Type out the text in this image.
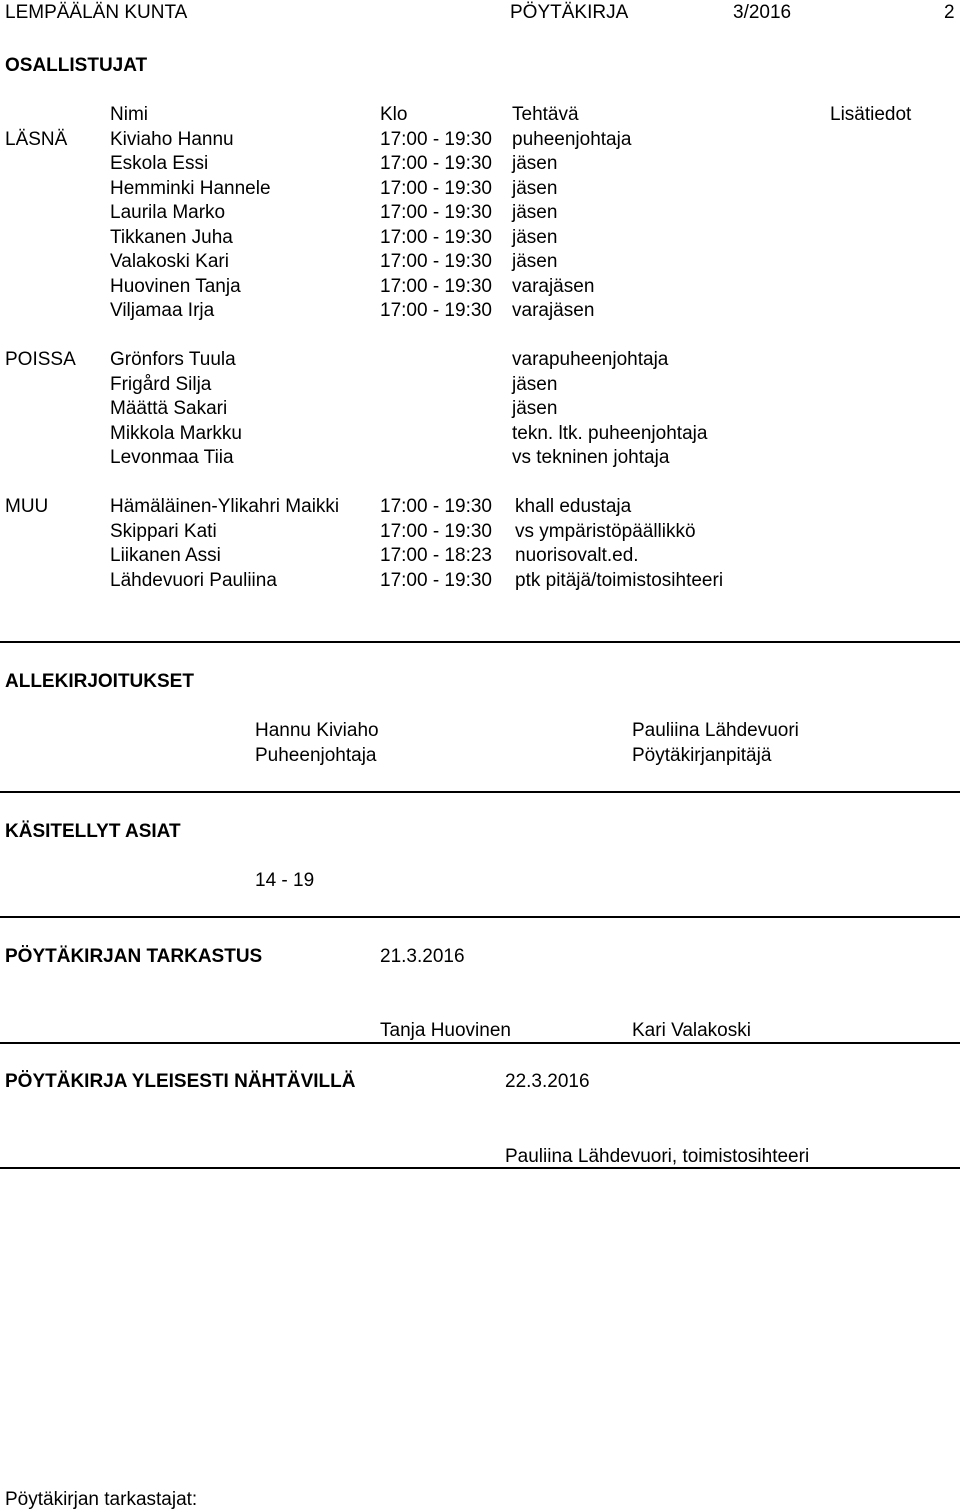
LEMPÄÄLÄN KUNTA	PÖYTÄKIRJA	3/2016	2
OSALLISTUJAT
Nimi	Klo	Tehtävä	Lisätiedot
LÄSNÄ Kiviaho Hannu	17:00 - 19:30 puheenjohtaja
Eskola Essi	17:00 - 19:30 jäsen
Hemminki Hannele	17:00 - 19:30 jäsen
Laurila Marko	17:00 - 19:30 jäsen
Tikkanen Juha	17:00 - 19:30 jäsen
Valakoski Kari	17:00 - 19:30 jäsen
Huovinen Tanja	17:00 - 19:30 varajäsen
Viljamaa Irja	17:00 - 19:30 varajäsen
POISSA Grönfors Tuula	varapuheenjohtaja
Frigård Silja	jäsen
Määttä Sakari	jäsen
Mikkola Markku	tekn. ltk. puheenjohtaja
Levonmaa Tiia	vs tekninen johtaja
MUU	Hämäläinen-Ylikahri Maikki 17:00 - 19:30 khall edustaja
Skippari Kati	17:00 - 19:30 vs ympäristöpäällikkö
Liikanen Assi	17:00 - 18:23 nuorisovalt.ed.
Lähdevuori Pauliina	17:00 - 19:30 ptk pitäjä/toimistosihteeri
ALLEKIRJOITUKSET
Hannu Kiviaho
Puheenjohtaja
Pauliina Lähdevuori
Pöytäkirjanpitäjä
KÄSITELLYT ASIAT
14 - 19
PÖYTÄKIRJAN TARKASTUS	21.3.2016
Tanja Huovinen	Kari Valakoski
PÖYTÄKIRJA YLEISESTI NÄHTÄVILLÄ	22.3.2016
Pauliina Lähdevuori, toimistosihteeri
Pöytäkirjan tarkastajat:
